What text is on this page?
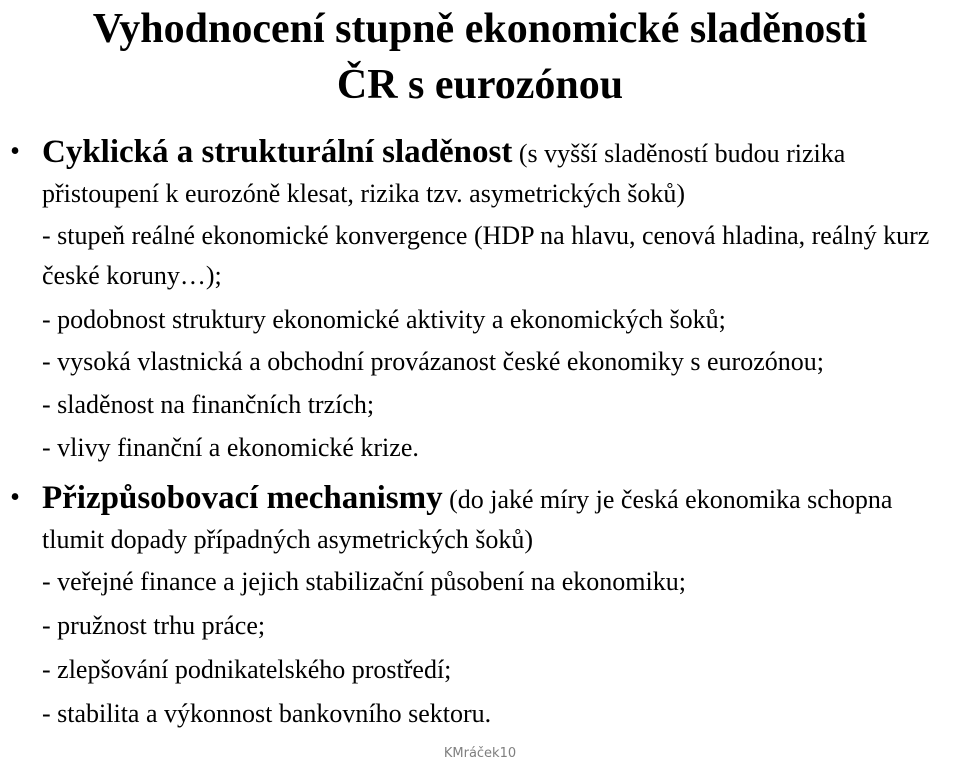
Vyhodnocení stupně ekonomické sladěnosti
ČR s eurozónou
• Cyklická a strukturální sladěnost (s vyšší sladěností budou rizika přistoupení k eurozóně klesat, rizika tzv. asymetrických šoků)
- stupeň reálné ekonomické konvergence (HDP na hlavu, cenová hladina, reálný kurz české koruny…);
- podobnost struktury ekonomické aktivity a ekonomických šoků;
- vysoká vlastnická a obchodní provázanost české ekonomiky s eurozónou;
- sladěnost na finančních trzích;
- vlivy finanční a ekonomické krize.
• Přizpůsobovací mechanismy (do jaké míry je česká ekonomika schopna tlumit dopady případných asymetrických šoků)
- veřejné finance a jejich stabilizační působení na ekonomiku;
- pružnost trhu práce;
- zlepšování podnikatelského prostředí;
- stabilita a výkonnost bankovního sektoru.
KMráček10
